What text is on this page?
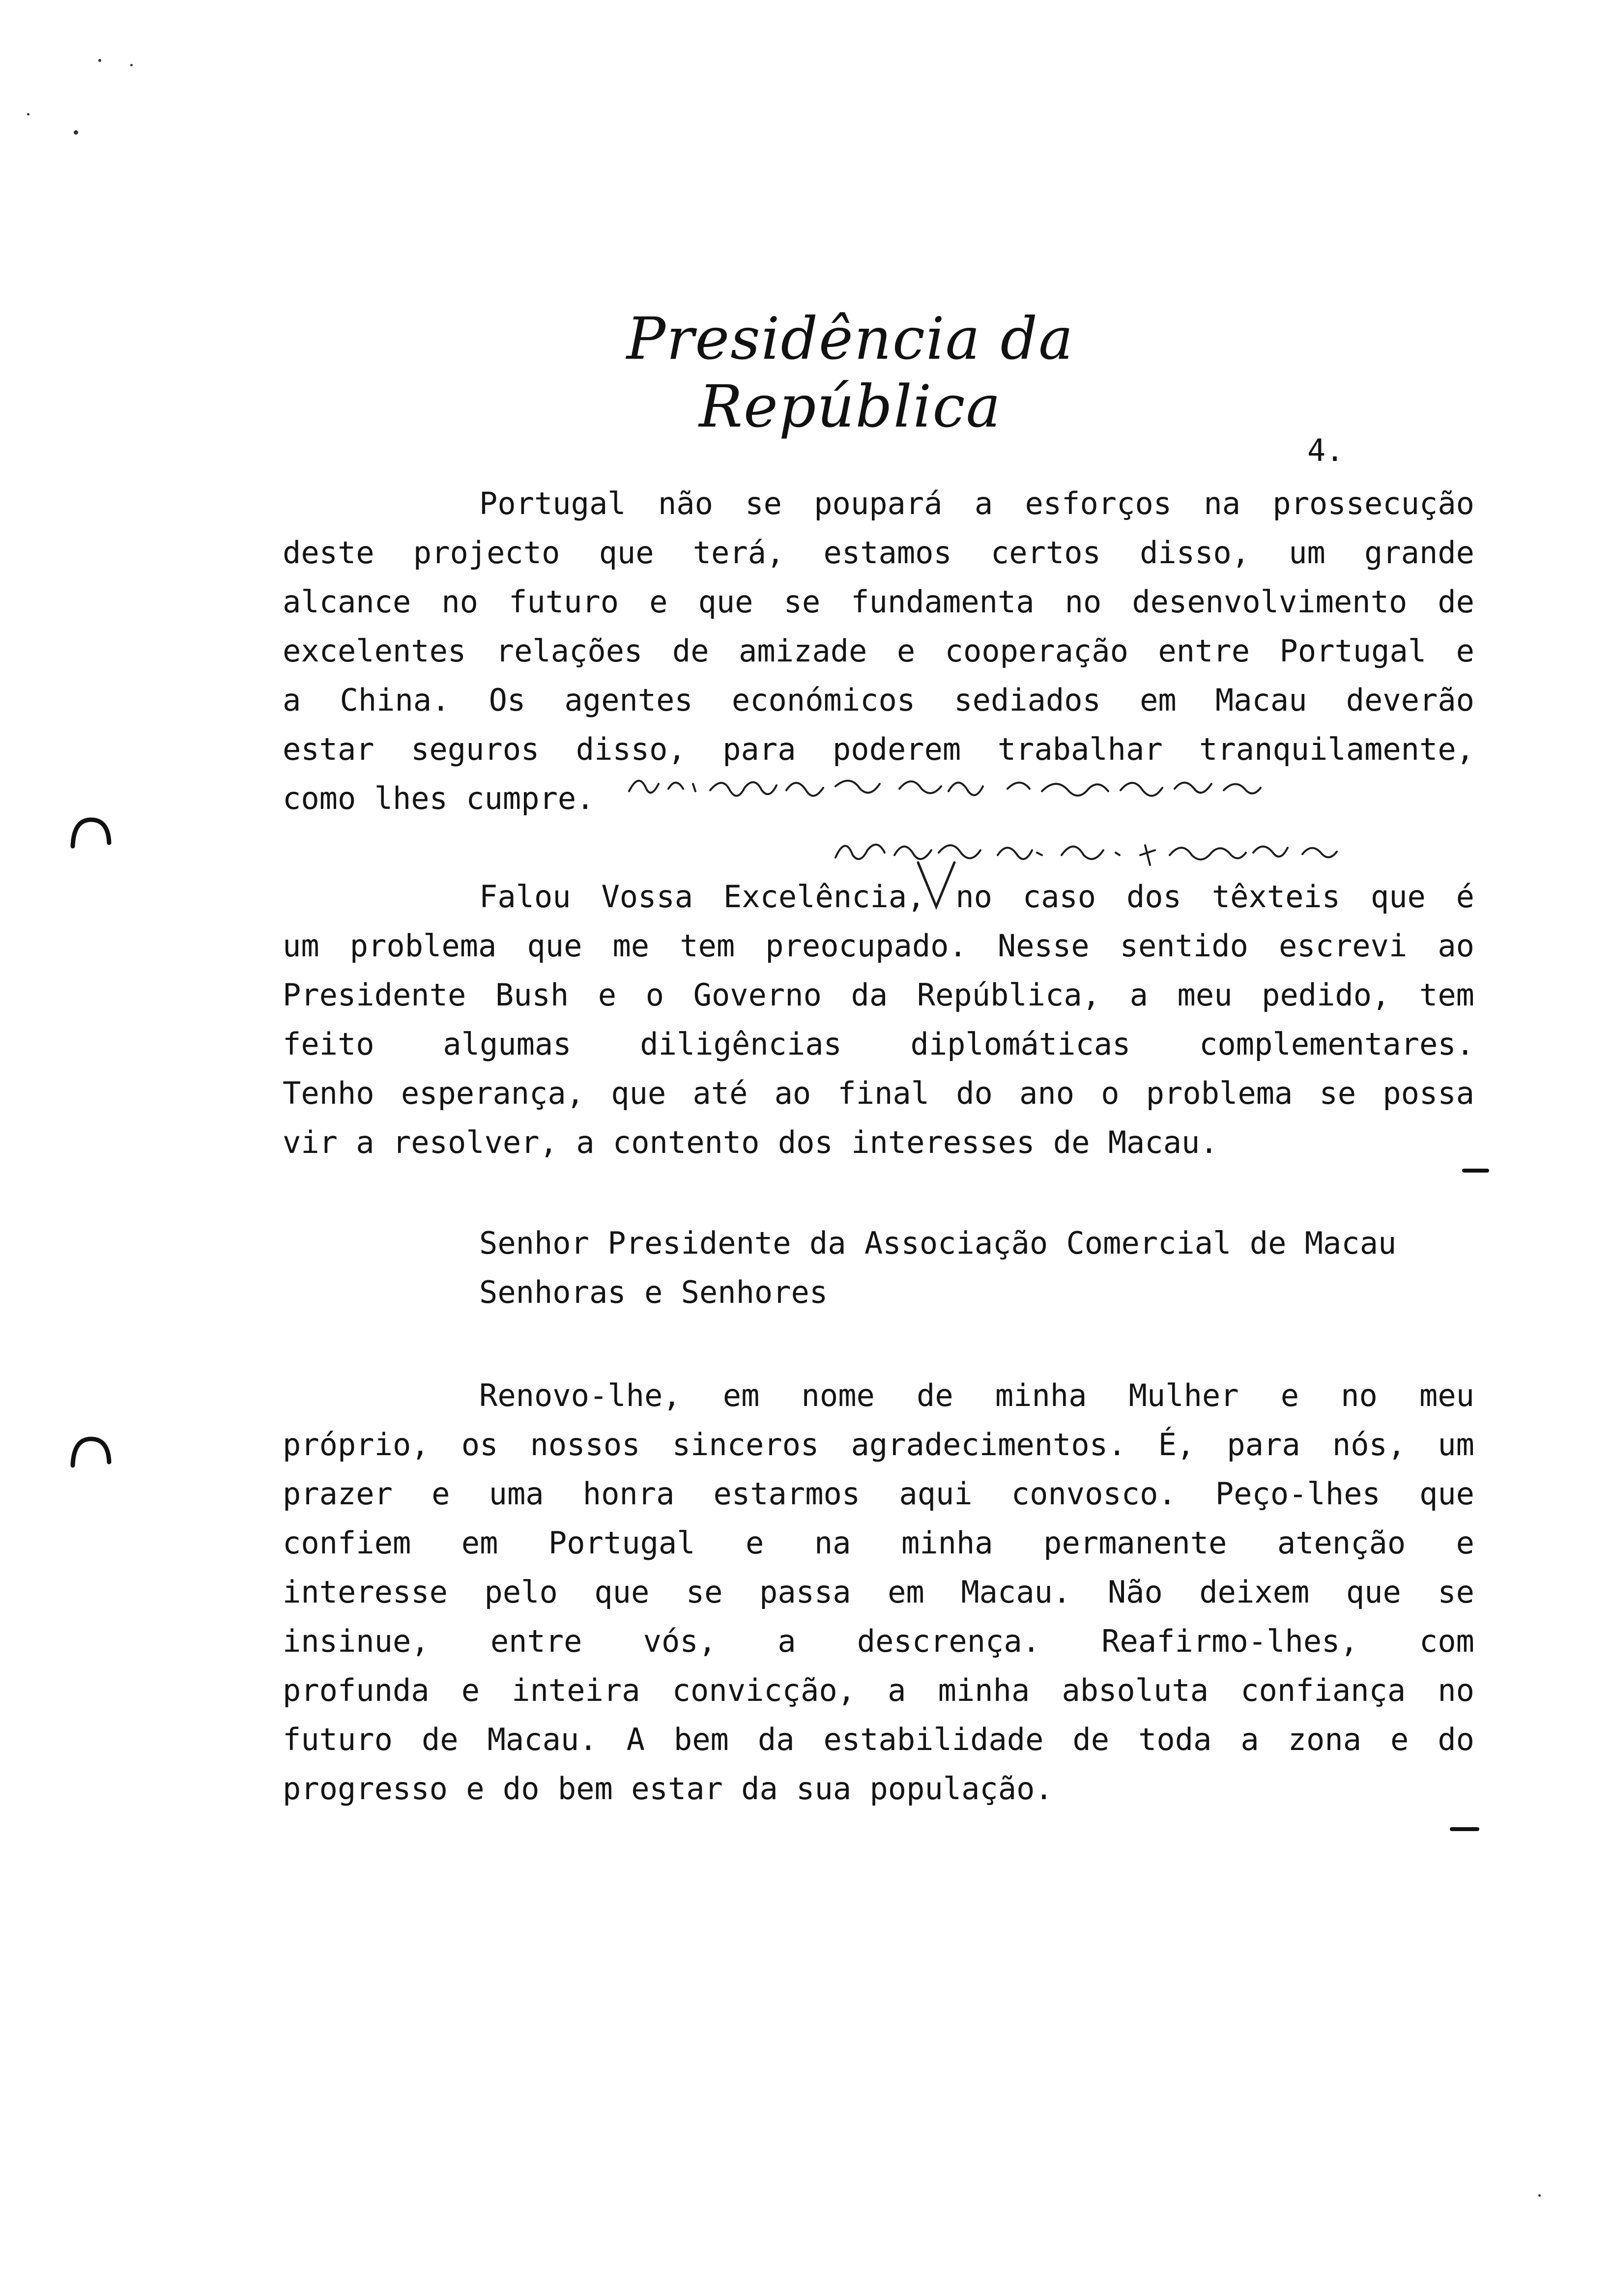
Presidência da República
4.
Portugal não se poupará a esforços na prossecução
deste projecto que terá, estamos certos disso, um grande
alcance no futuro e que se fundamenta no desenvolvimento de
excelentes relações de amizade e cooperação entre Portugal e
a China. Os agentes económicos sediados em Macau deverão
estar seguros disso, para poderem trabalhar tranquilamente,
como lhes cumpre.
Falou Vossa Excelência, no caso dos têxteis que é
um problema que me tem preocupado. Nesse sentido escrevi ao
Presidente Bush e o Governo da República, a meu pedido, tem
feito algumas diligências diplomáticas complementares.
Tenho esperança, que até ao final do ano o problema se possa
vir a resolver, a contento dos interesses de Macau.
Senhor Presidente da Associação Comercial de Macau
Senhoras e Senhores
Renovo-lhe, em nome de minha Mulher e no meu
próprio, os nossos sinceros agradecimentos. É, para nós, um
prazer e uma honra estarmos aqui convosco. Peço-lhes que
confiem em Portugal e na minha permanente atenção e
interesse pelo que se passa em Macau. Não deixem que se
insinue, entre vós, a descrença. Reafirmo-lhes, com
profunda e inteira convicção, a minha absoluta confiança no
futuro de Macau. A bem da estabilidade de toda a zona e do
progresso e do bem estar da sua população.
